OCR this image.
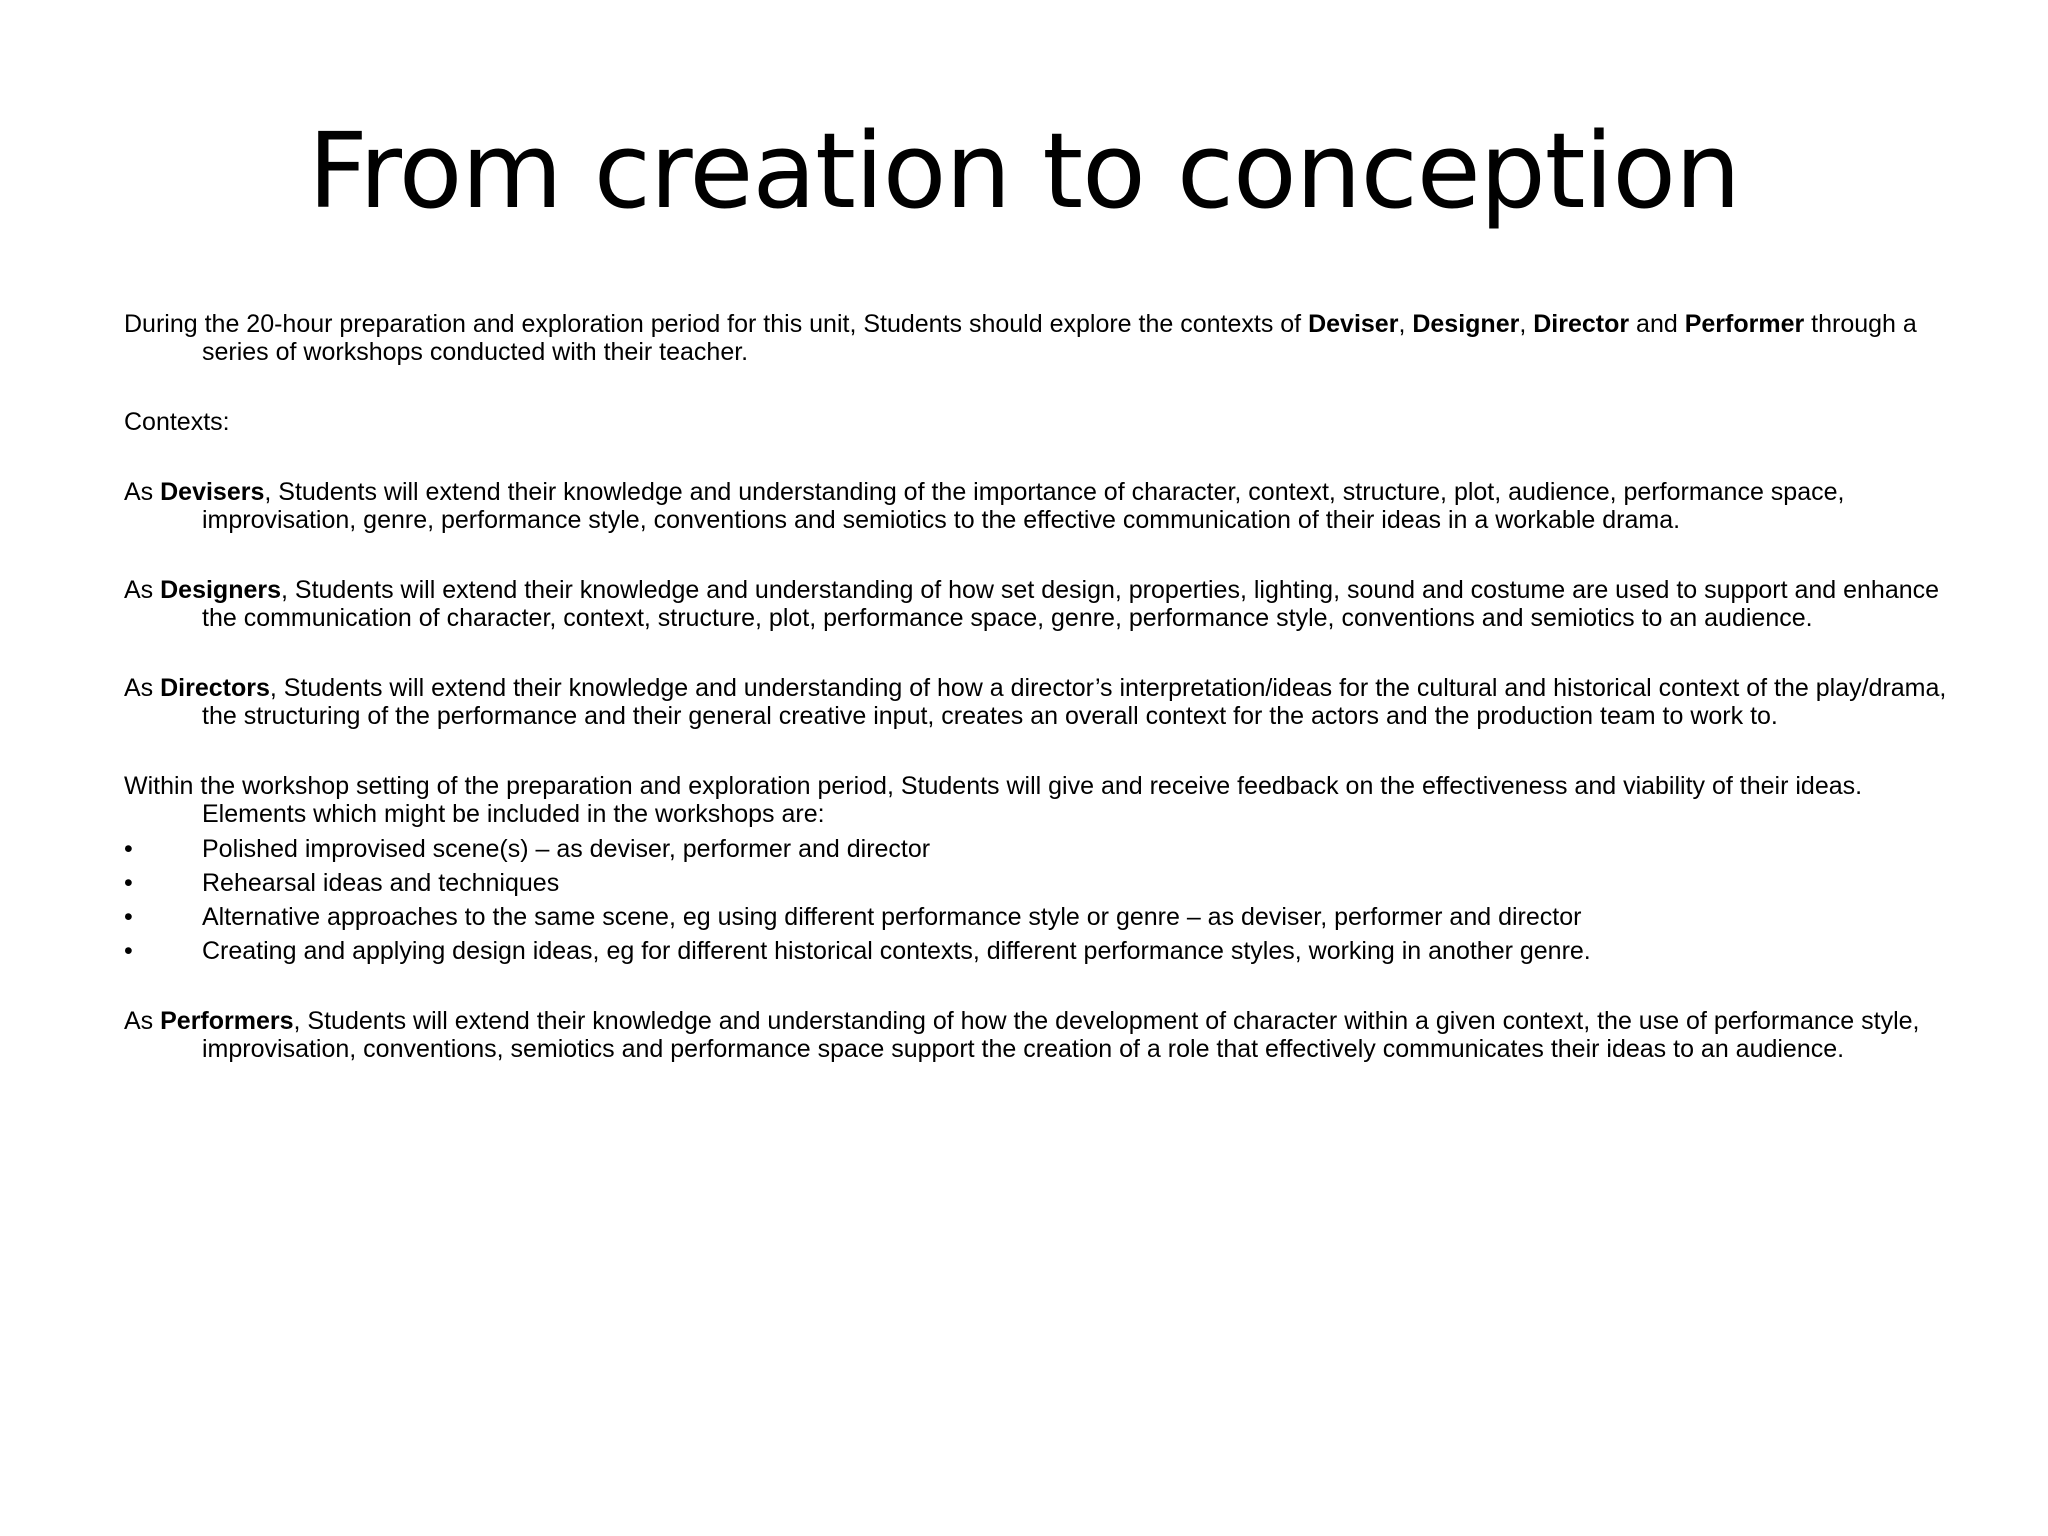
From creation to conception

During the 20-hour preparation and exploration period for this unit, Students should explore the contexts of Deviser, Designer, Director and Performer through a series of workshops conducted with their teacher.

Contexts:

As Devisers, Students will extend their knowledge and understanding of the importance of character, context, structure, plot, audience, performance space, improvisation, genre, performance style, conventions and semiotics to the effective communication of their ideas in a workable drama.

As Designers, Students will extend their knowledge and understanding of how set design, properties, lighting, sound and costume are used to support and enhance the communication of character, context, structure, plot, performance space, genre, performance style, conventions and semiotics to an audience.

As Directors, Students will extend their knowledge and understanding of how a director’s interpretation/ideas for the cultural and historical context of the play/drama, the structuring of the performance and their general creative input, creates an overall context for the actors and the production team to work to.

Within the workshop setting of the preparation and exploration period, Students will give and receive feedback on the effectiveness and viability of their ideas. Elements which might be included in the workshops are:

•	Polished improvised scene(s) – as deviser, performer and director
•	Rehearsal ideas and techniques
•	Alternative approaches to the same scene, eg using different performance style or genre – as deviser, performer and director
•	Creating and applying design ideas, eg for different historical contexts, different performance styles, working in another genre.

As Performers, Students will extend their knowledge and understanding of how the development of character within a given context, the use of performance style, improvisation, conventions, semiotics and performance space support the creation of a role that effectively communicates their ideas to an audience.
